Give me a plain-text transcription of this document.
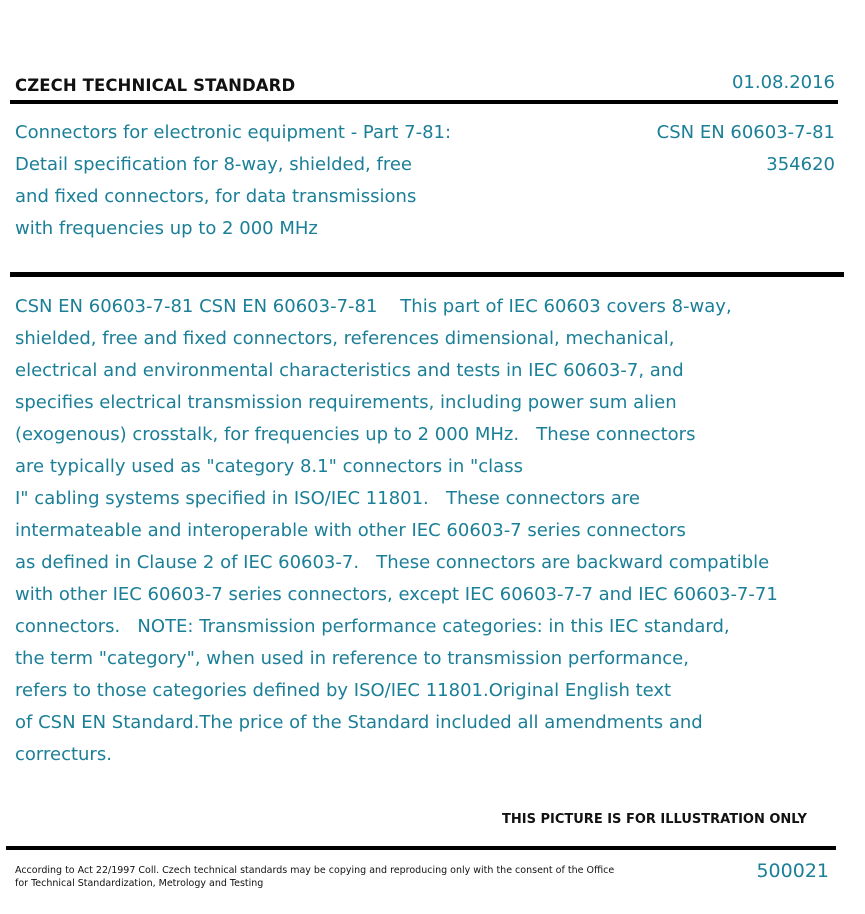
CZECH TECHNICAL STANDARD	01.08.2016
Connectors for electronic equipment - Part 7-81:
Detail specification for 8-way, shielded, free
and fixed connectors, for data transmissions
with frequencies up to 2 000 MHz
CSN EN 60603-7-81
354620
CSN EN 60603-7-81 CSN EN 60603-7-81    This part of IEC 60603 covers 8-way,
shielded, free and fixed connectors, references dimensional, mechanical,
electrical and environmental characteristics and tests in IEC 60603-7, and
specifies electrical transmission requirements, including power sum alien
(exogenous) crosstalk, for frequencies up to 2 000 MHz.   These connectors
are typically used as "category 8.1" connectors in "class
I" cabling systems specified in ISO/IEC 11801.   These connectors are
intermateable and interoperable with other IEC 60603-7 series connectors
as defined in Clause 2 of IEC 60603-7.   These connectors are backward compatible
with other IEC 60603-7 series connectors, except IEC 60603-7-7 and IEC 60603-7-71
connectors.   NOTE: Transmission performance categories: in this IEC standard,
the term "category", when used in reference to transmission performance,
refers to those categories defined by ISO/IEC 11801.Original English text
of CSN EN Standard.The price of the Standard included all amendments and
correcturs.
THIS PICTURE IS FOR ILLUSTRATION ONLY
According to Act 22/1997 Coll. Czech technical standards may be copying and reproducing only with the consent of the Office
for Technical Standardization, Metrology and Testing
500021
